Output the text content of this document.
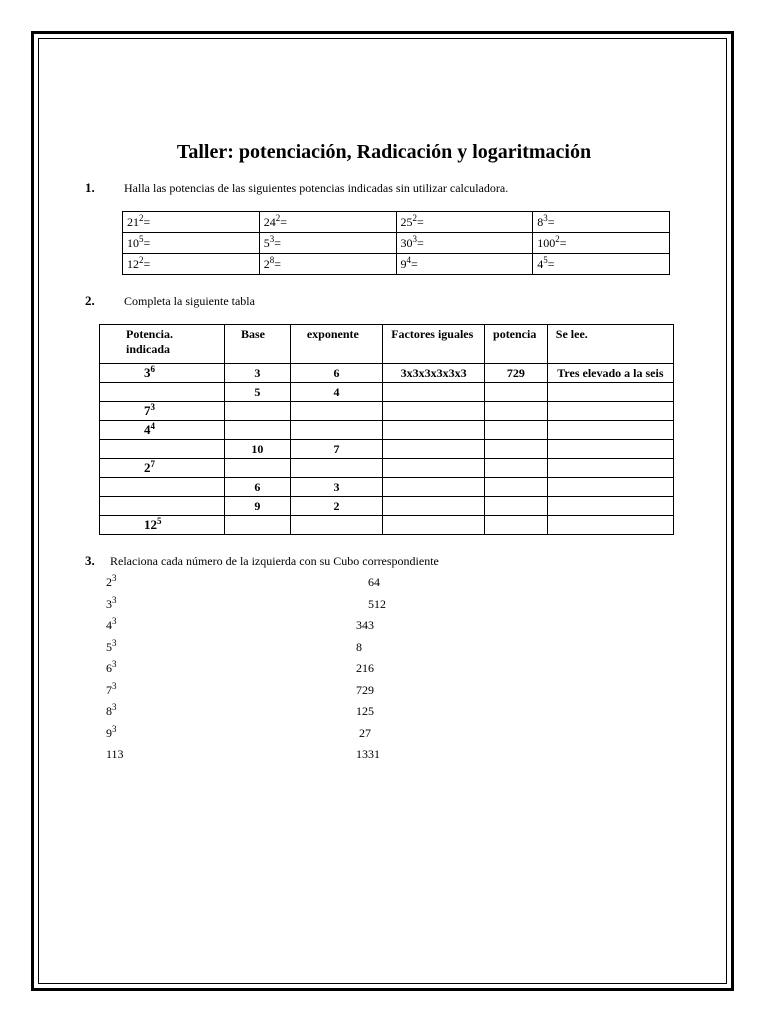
Taller: potenciación, Radicación y logaritmación
1. Halla las potencias de las siguientes potencias indicadas sin utilizar calculadora.
$21^2=$	$24^2=$	$25^2=$	$8^3=$
$10^5=$	$5^3=$	$30^3=$	$100^2=$
$12^2=$	$2^8=$	$9^4=$	$4^5=$
2. Completa la siguiente tabla
Potencia. indicada	Base	exponente	Factores iguales	potencia	Se lee.
$3^6$	3	6	3x3x3x3x3x3	729	Tres elevado a la seis
	5	4			
$7^3$					
$4^4$					
	10	7			
$2^7$					
	6	3			
	9	2			
$12^5$					
3. Relaciona cada número de la izquierda con su Cubo correspondiente
$2^3$	64
$3^3$	512
$4^3$	343
$5^3$	8
$6^3$	216
$7^3$	729
$8^3$	125
$9^3$	27
113	1331
